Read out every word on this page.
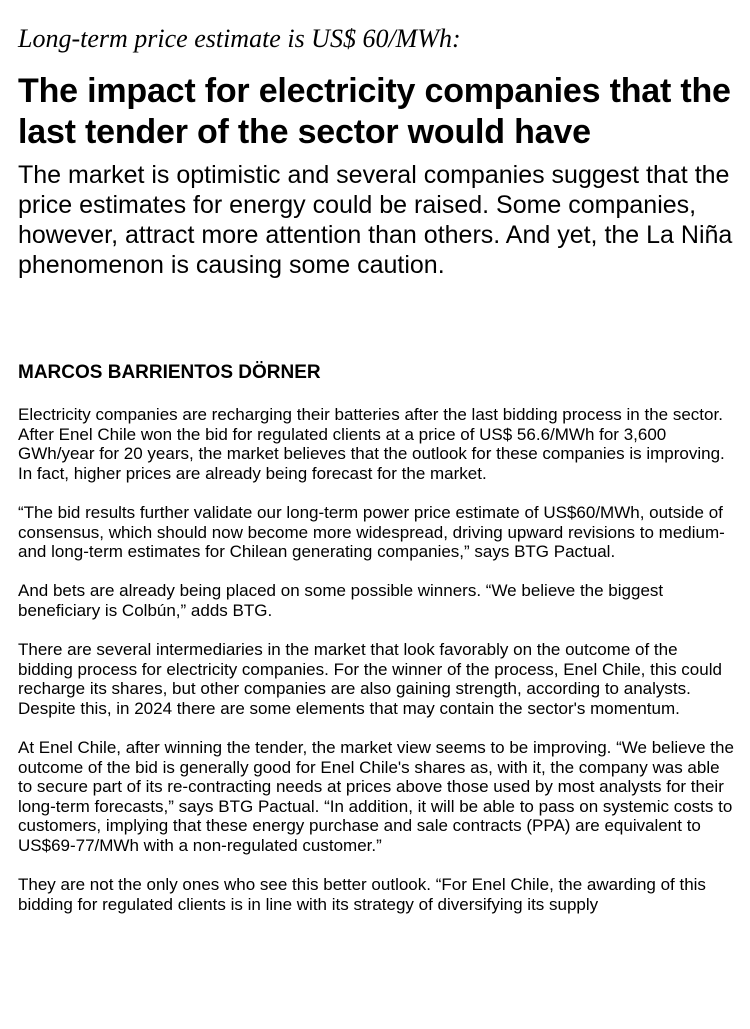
Long-term price estimate is US$ 60/MWh:

The impact for electricity companies that the last tender of the sector would have

The market is optimistic and several companies suggest that the price estimates for energy could be raised. Some companies, however, attract more attention than others. And yet, the La Niña phenomenon is causing some caution.

MARCOS BARRIENTOS DÖRNER

Electricity companies are recharging their batteries after the last bidding process in the sector. After Enel Chile won the bid for regulated clients at a price of US$ 56.6/MWh for 3,600 GWh/year for 20 years, the market believes that the outlook for these companies is improving. In fact, higher prices are already being forecast for the market.

“The bid results further validate our long-term power price estimate of US$60/MWh, outside of consensus, which should now become more widespread, driving upward revisions to medium- and long-term estimates for Chilean generating companies,” says BTG Pactual.

And bets are already being placed on some possible winners. “We believe the biggest beneficiary is Colbún,” adds BTG.

There are several intermediaries in the market that look favorably on the outcome of the bidding process for electricity companies. For the winner of the process, Enel Chile, this could recharge its shares, but other companies are also gaining strength, according to analysts. Despite this, in 2024 there are some elements that may contain the sector's momentum.

At Enel Chile, after winning the tender, the market view seems to be improving. “We believe the outcome of the bid is generally good for Enel Chile's shares as, with it, the company was able to secure part of its re-contracting needs at prices above those used by most analysts for their long-term forecasts,” says BTG Pactual. “In addition, it will be able to pass on systemic costs to customers, implying that these energy purchase and sale contracts (PPA) are equivalent to US$69-77/MWh with a non-regulated customer.”

They are not the only ones who see this better outlook. “For Enel Chile, the awarding of this bidding for regulated clients is in line with its strategy of diversifying its supply
